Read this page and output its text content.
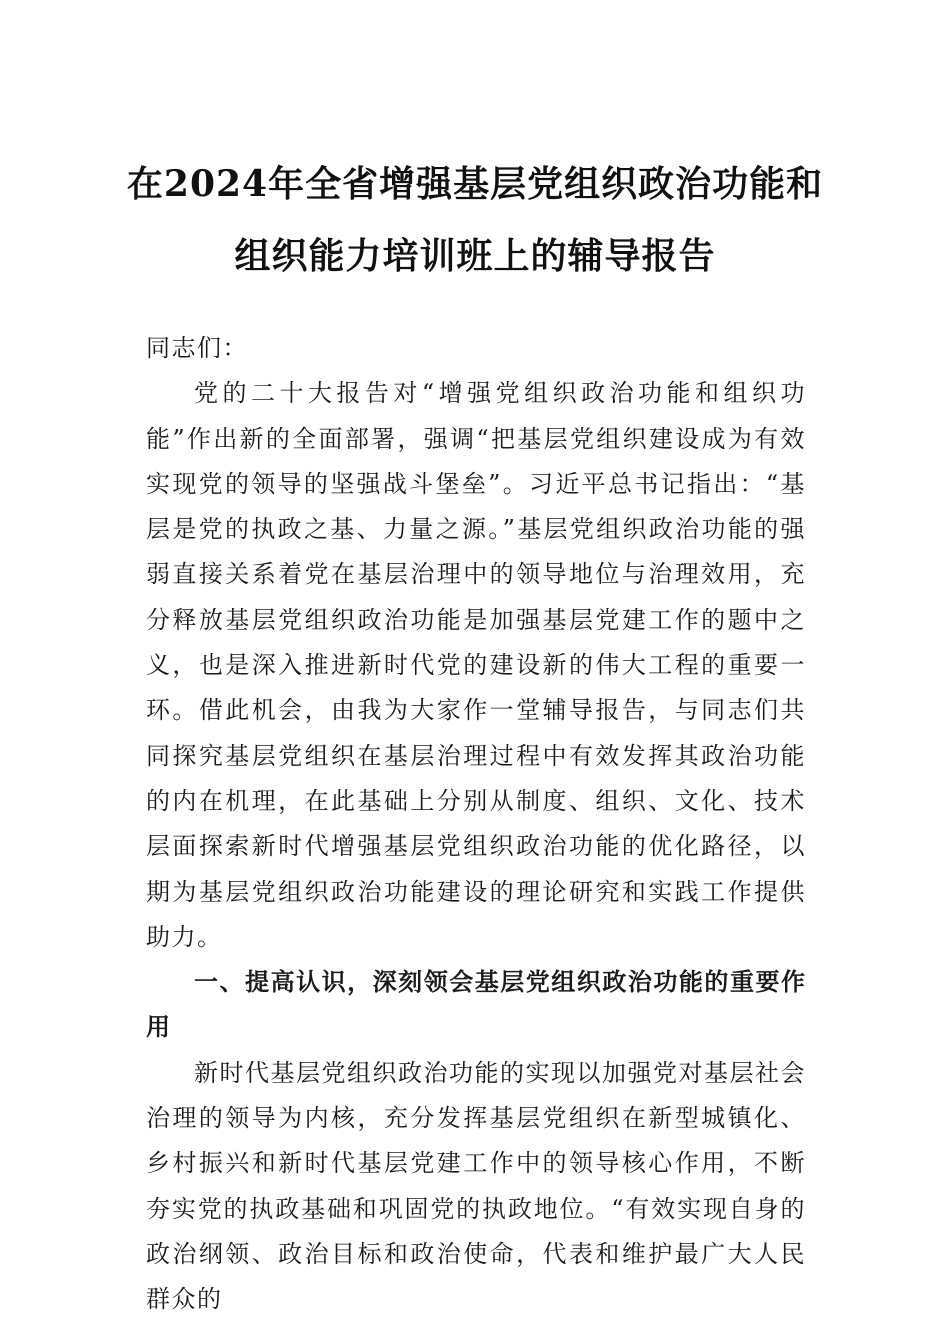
在2024年全省增强基层党组织政治功能和
组织能力培训班上的辅导报告

同志们：

党的二十大报告对“增强党组织政治功能和组织功能”作出新的全面部署，强调“把基层党组织建设成为有效实现党的领导的坚强战斗堡垒”。习近平总书记指出：“基层是党的执政之基、力量之源。”基层党组织政治功能的强弱直接关系着党在基层治理中的领导地位与治理效用，充分释放基层党组织政治功能是加强基层党建工作的题中之义，也是深入推进新时代党的建设新的伟大工程的重要一环。借此机会，由我为大家作一堂辅导报告，与同志们共同探究基层党组织在基层治理过程中有效发挥其政治功能的内在机理，在此基础上分别从制度、组织、文化、技术层面探索新时代增强基层党组织政治功能的优化路径，以期为基层党组织政治功能建设的理论研究和实践工作提供助力。

一、提高认识，深刻领会基层党组织政治功能的重要作用

新时代基层党组织政治功能的实现以加强党对基层社会治理的领导为内核，充分发挥基层党组织在新型城镇化、乡村振兴和新时代基层党建工作中的领导核心作用，不断夯实党的执政基础和巩固党的执政地位。“有效实现自身的政治纲领、政治目标和政治使命，代表和维护最广大人民群众的
